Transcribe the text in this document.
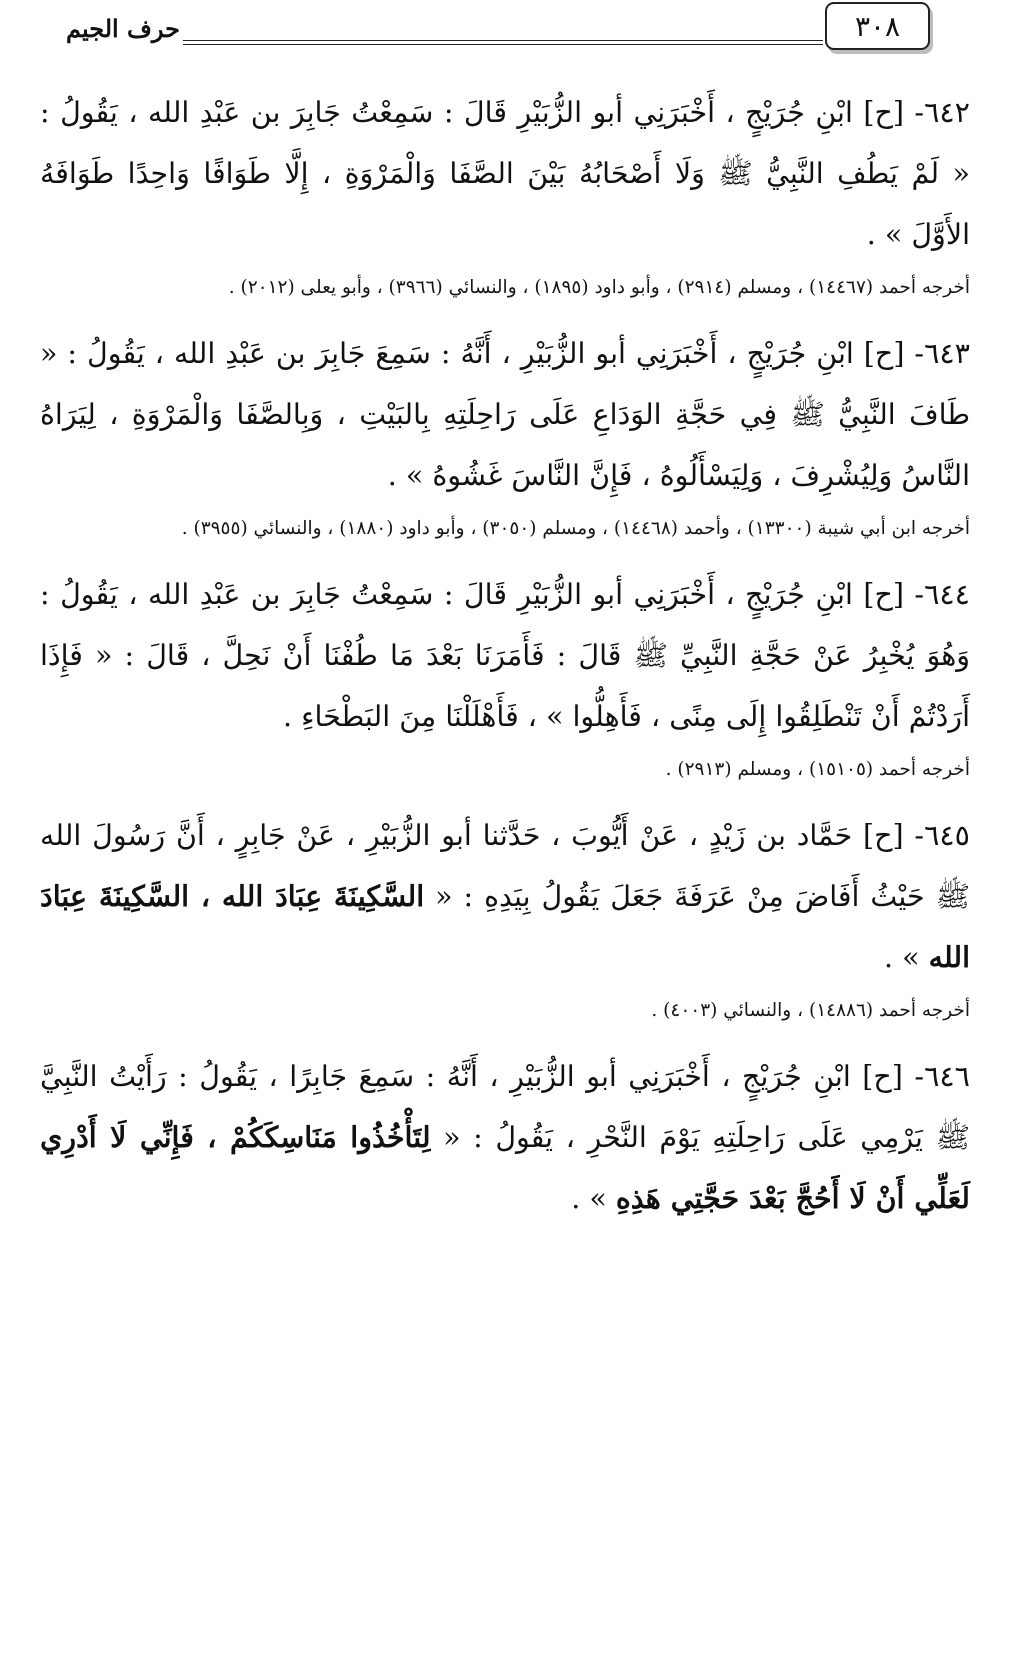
٣٠٨
حرف الجيم

٦٤٢- [ح] ابْنِ جُرَيْجٍ ، أَخْبَرَنِي أبو الزُّبَيْرِ قَالَ : سَمِعْتُ جَابِرَ بن عَبْدِ الله ، يَقُولُ : « لَمْ يَطُفِ النَّبِيُّ ﷺ وَلَا أَصْحَابُهُ بَيْنَ الصَّفَا وَالْمَرْوَةِ ، إِلَّا طَوَافًا وَاحِدًا طَوَافَهُ الأَوَّلَ » .

أخرجه أحمد (١٤٤٦٧) ، ومسلم (٢٩١٤) ، وأبو داود (١٨٩٥) ، والنسائي (٣٩٦٦) ، وأبو يعلى (٢٠١٢) .

٦٤٣- [ح] ابْنِ جُرَيْجٍ ، أَخْبَرَنِي أبو الزُّبَيْرِ ، أَنَّهُ : سَمِعَ جَابِرَ بن عَبْدِ الله ، يَقُولُ : « طَافَ النَّبِيُّ ﷺ فِي حَجَّةِ الوَدَاعِ عَلَى رَاحِلَتِهِ بِالبَيْتِ ، وَبِالصَّفَا وَالْمَرْوَةِ ، لِيَرَاهُ النَّاسُ وَلِيُشْرِفَ ، وَلِيَسْأَلُوهُ ، فَإِنَّ النَّاسَ غَشُوهُ » .

أخرجه ابن أبي شيبة (١٣٣٠٠) ، وأحمد (١٤٤٦٨) ، ومسلم (٣٠٥٠) ، وأبو داود (١٨٨٠) ، والنسائي (٣٩٥٥) .

٦٤٤- [ح] ابْنِ جُرَيْجٍ ، أَخْبَرَنِي أبو الزُّبَيْرِ قَالَ : سَمِعْتُ جَابِرَ بن عَبْدِ الله ، يَقُولُ : وَهُوَ يُخْبِرُ عَنْ حَجَّةِ النَّبِيِّ ﷺ قَالَ : فَأَمَرَنَا بَعْدَ مَا طُفْنَا أَنْ نَحِلَّ ، قَالَ : « فَإِذَا أَرَدْتُمْ أَنْ تَنْطَلِقُوا إِلَى مِنًى ، فَأَهِلُّوا » ، فَأَهْلَلْنَا مِنَ البَطْحَاءِ .

أخرجه أحمد (١٥١٠٥) ، ومسلم (٢٩١٣) .

٦٤٥- [ح] حَمَّاد بن زَيْدٍ ، عَنْ أَيُّوبَ ، حَدَّثنا أبو الزُّبَيْرِ ، عَنْ جَابِرٍ ، أَنَّ رَسُولَ الله ﷺ حَيْثُ أَفَاضَ مِنْ عَرَفَةَ جَعَلَ يَقُولُ بِيَدِهِ : « السَّكِينَةَ عِبَادَ الله ، السَّكِينَةَ عِبَادَ الله » .

أخرجه أحمد (١٤٨٨٦) ، والنسائي (٤٠٠٣) .

٦٤٦- [ح] ابْنِ جُرَيْجٍ ، أَخْبَرَنِي أبو الزُّبَيْرِ ، أَنَّهُ : سَمِعَ جَابِرًا ، يَقُولُ : رَأَيْتُ النَّبِيَّ ﷺ يَرْمِي عَلَى رَاحِلَتِهِ يَوْمَ النَّحْرِ ، يَقُولُ : « لِتَأْخُذُوا مَنَاسِكَكُمْ ، فَإِنِّي لَا أَدْرِي لَعَلِّي أَنْ لَا أَحُجَّ بَعْدَ حَجَّتِي هَذِهِ » .
